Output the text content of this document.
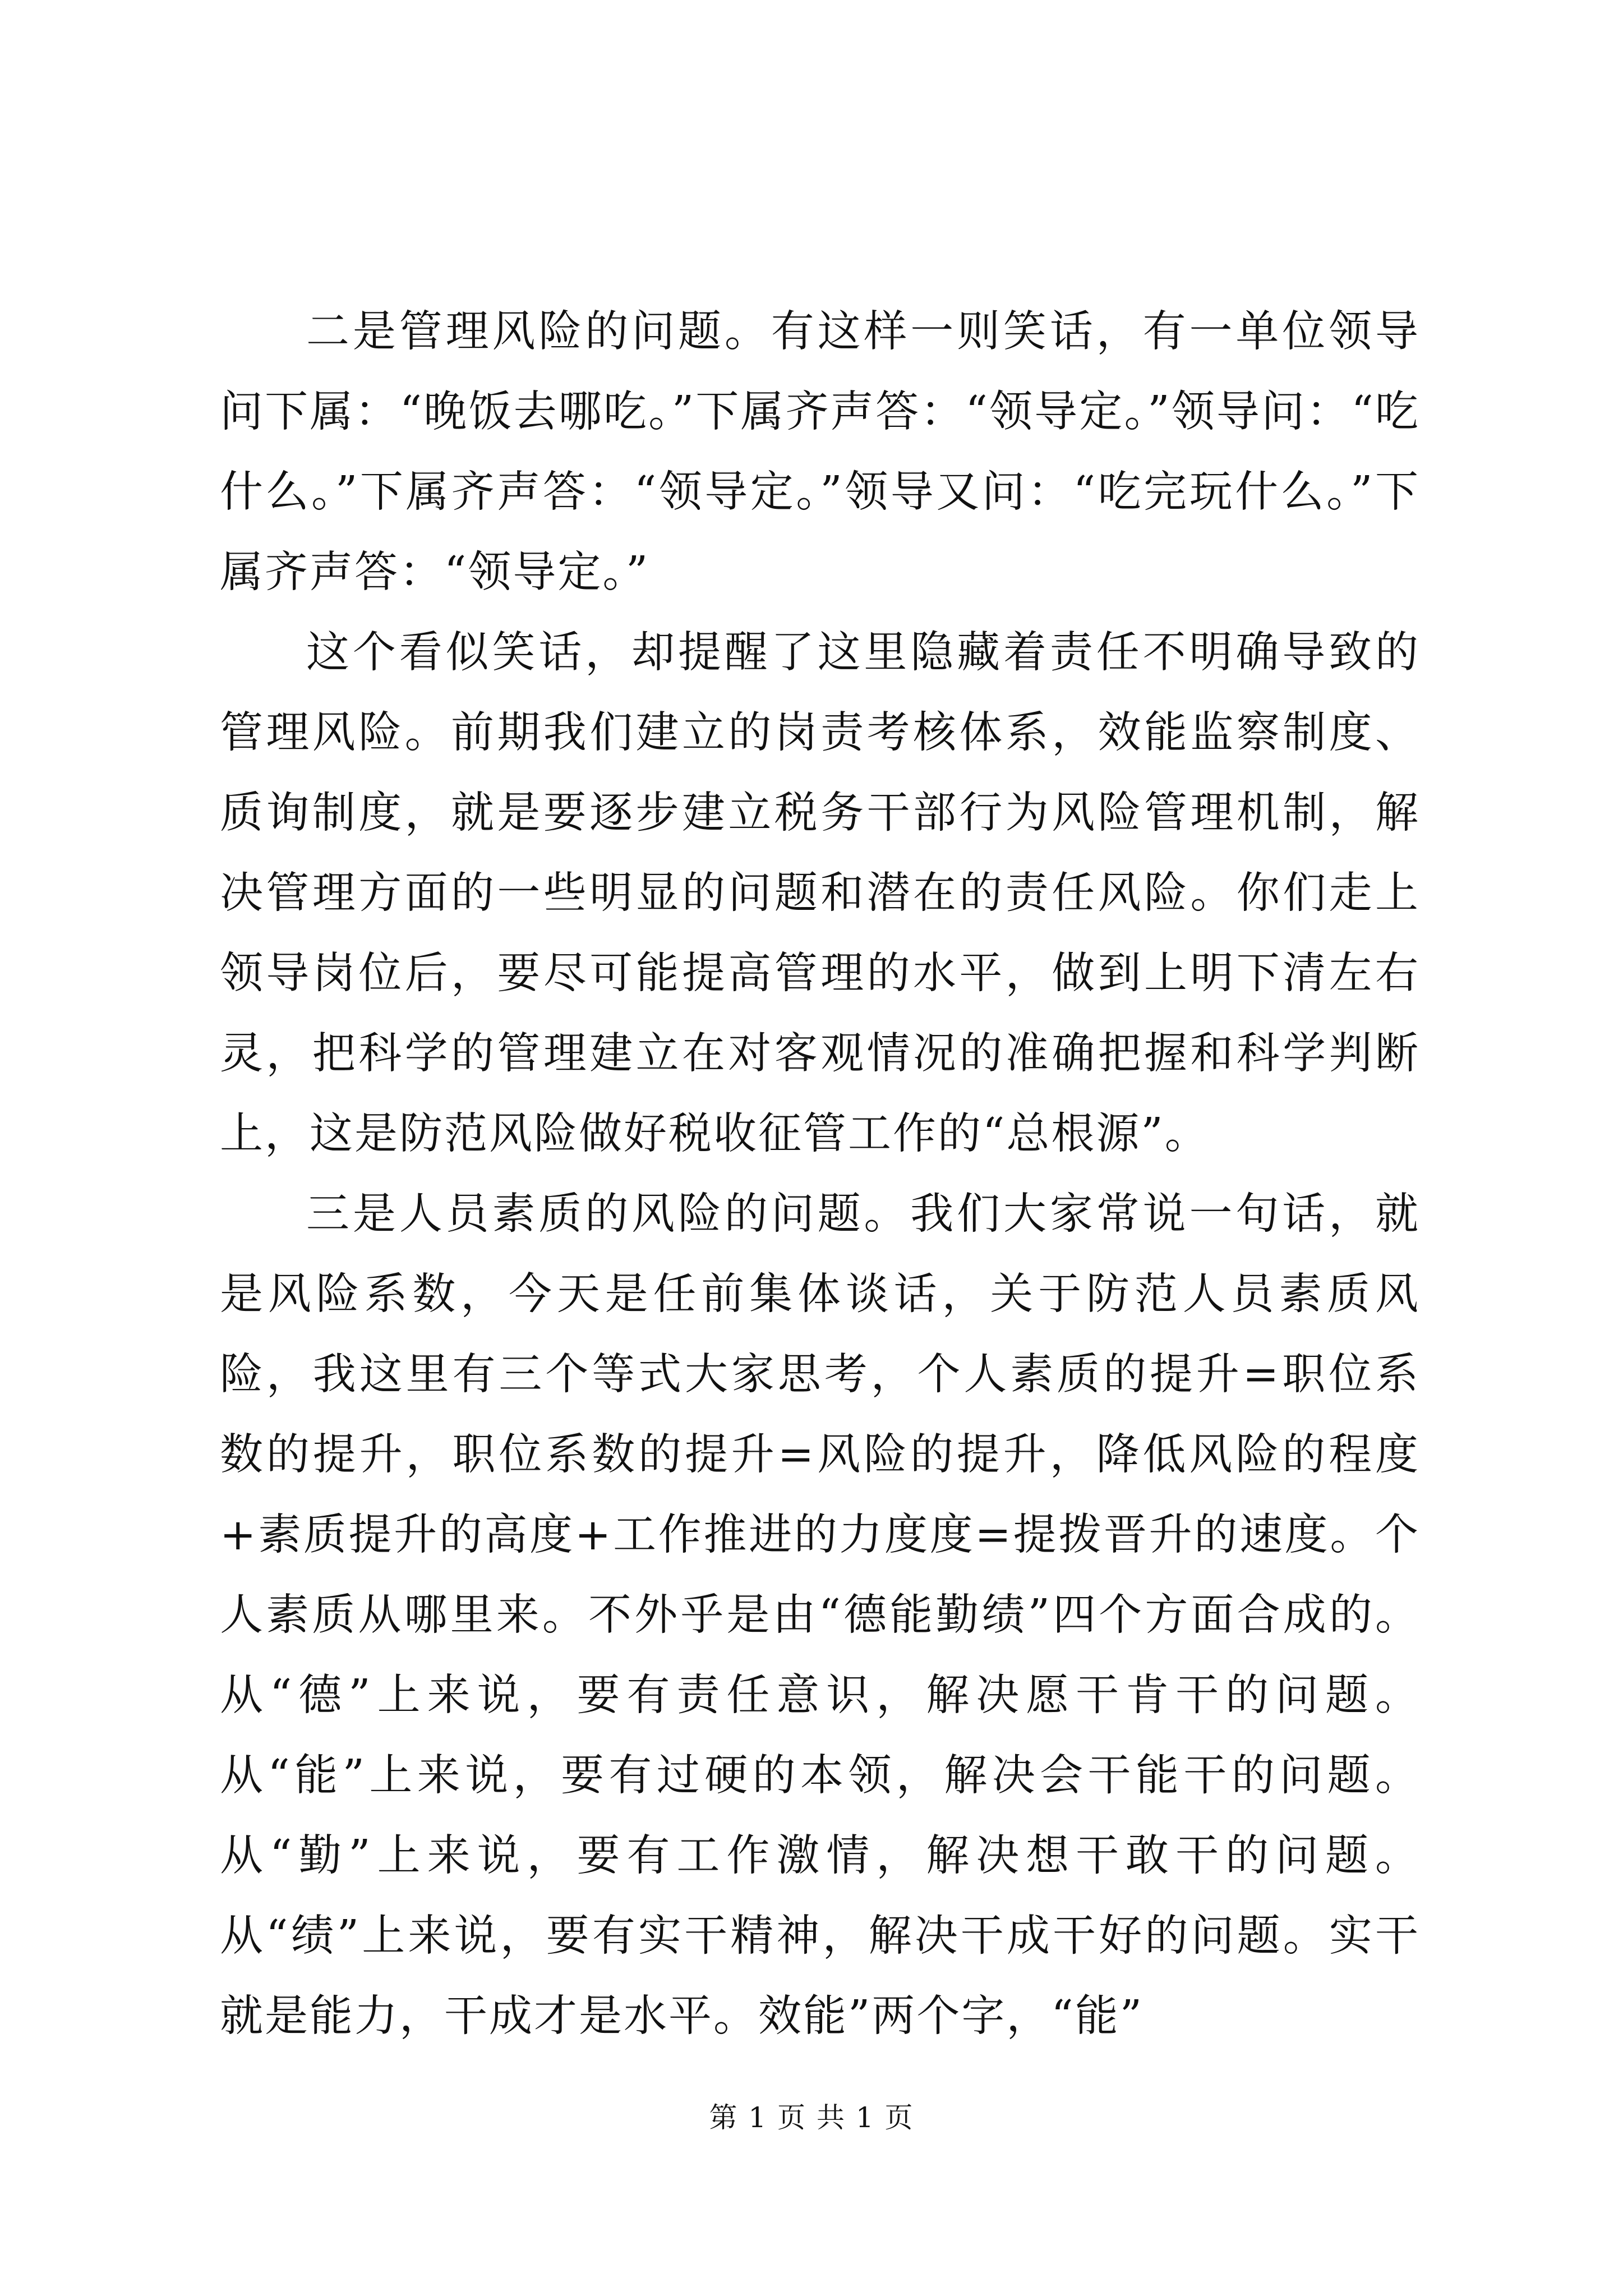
二是管理风险的问题。有这样一则笑话，有一单位领导问下属：“晚饭去哪吃。”下属齐声答：“领导定。”领导问：“吃什么。”下属齐声答：“领导定。”领导又问：“吃完玩什么。”下属齐声答：“领导定。”

这个看似笑话，却提醒了这里隐藏着责任不明确导致的管理风险。前期我们建立的岗责考核体系，效能监察制度、质询制度，就是要逐步建立税务干部行为风险管理机制，解决管理方面的一些明显的问题和潜在的责任风险。你们走上领导岗位后，要尽可能提高管理的水平，做到上明下清左右灵，把科学的管理建立在对客观情况的准确把握和科学判断上，这是防范风险做好税收征管工作的“总根源”。

三是人员素质的风险的问题。我们大家常说一句话，就是风险系数，今天是任前集体谈话，关于防范人员素质风险，我这里有三个等式大家思考，个人素质的提升=职位系数的提升，职位系数的提升=风险的提升，降低风险的程度+素质提升的高度+工作推进的力度度=提拨晋升的速度。个人素质从哪里来。不外乎是由“德能勤绩”四个方面合成的。从“德”上来说，要有责任意识，解决愿干肯干的问题。从“能”上来说，要有过硬的本领，解决会干能干的问题。从“勤”上来说，要有工作激情，解决想干敢干的问题。从“绩”上来说，要有实干精神，解决干成干好的问题。实干就是能力，干成才是水平。效能”两个字，“能”

第 1 页 共 1 页
